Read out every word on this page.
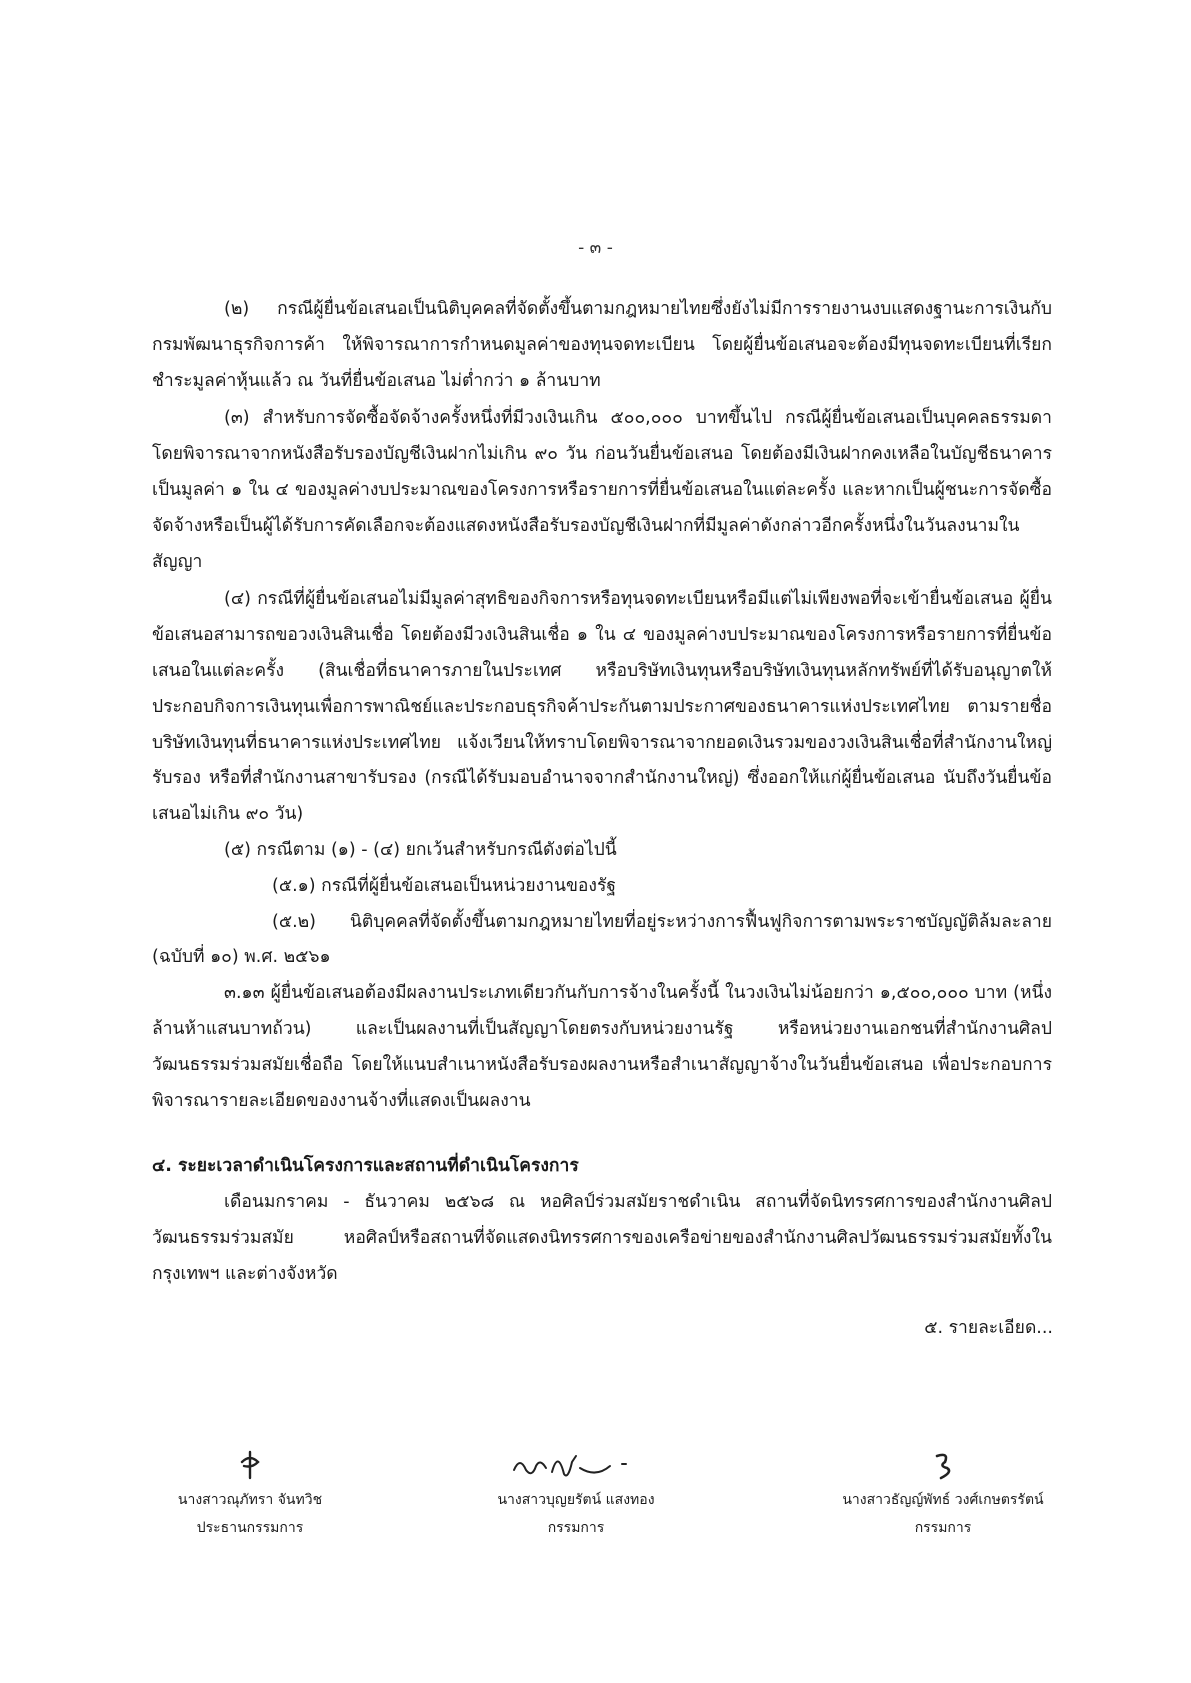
- ๓ -

(๒) กรณีผู้ยื่นข้อเสนอเป็นนิติบุคคลที่จัดตั้งขึ้นตามกฎหมายไทยซึ่งยังไม่มีการรายงานงบแสดงฐานะการเงินกับกรมพัฒนาธุรกิจการค้า ให้พิจารณาการกำหนดมูลค่าของทุนจดทะเบียน โดยผู้ยื่นข้อเสนอจะต้องมีทุนจดทะเบียนที่เรียกชำระมูลค่าหุ้นแล้ว ณ วันที่ยื่นข้อเสนอ ไม่ต่ำกว่า ๑ ล้านบาท

(๓) สำหรับการจัดซื้อจัดจ้างครั้งหนึ่งที่มีวงเงินเกิน ๕๐๐,๐๐๐ บาทขึ้นไป กรณีผู้ยื่นข้อเสนอเป็นบุคคลธรรมดา โดยพิจารณาจากหนังสือรับรองบัญชีเงินฝากไม่เกิน ๙๐ วัน ก่อนวันยื่นข้อเสนอ โดยต้องมีเงินฝากคงเหลือในบัญชีธนาคารเป็นมูลค่า ๑ ใน ๔ ของมูลค่างบประมาณของโครงการหรือรายการที่ยื่นข้อเสนอในแต่ละครั้ง และหากเป็นผู้ชนะการจัดซื้อจัดจ้างหรือเป็นผู้ได้รับการคัดเลือกจะต้องแสดงหนังสือรับรองบัญชีเงินฝากที่มีมูลค่าดังกล่าวอีกครั้งหนึ่งในวันลงนามในสัญญา

(๔) กรณีที่ผู้ยื่นข้อเสนอไม่มีมูลค่าสุทธิของกิจการหรือทุนจดทะเบียนหรือมีแต่ไม่เพียงพอที่จะเข้ายื่นข้อเสนอ ผู้ยื่นข้อเสนอสามารถขอวงเงินสินเชื่อ โดยต้องมีวงเงินสินเชื่อ ๑ ใน ๔ ของมูลค่างบประมาณของโครงการหรือรายการที่ยื่นข้อเสนอในแต่ละครั้ง (สินเชื่อที่ธนาคารภายในประเทศ หรือบริษัทเงินทุนหรือบริษัทเงินทุนหลักทรัพย์ที่ได้รับอนุญาตให้ประกอบกิจการเงินทุนเพื่อการพาณิชย์และประกอบธุรกิจค้าประกันตามประกาศของธนาคารแห่งประเทศไทย ตามรายชื่อบริษัทเงินทุนที่ธนาคารแห่งประเทศไทย แจ้งเวียนให้ทราบโดยพิจารณาจากยอดเงินรวมของวงเงินสินเชื่อที่สำนักงานใหญ่รับรอง หรือที่สำนักงานสาขารับรอง (กรณีได้รับมอบอำนาจจากสำนักงานใหญ่) ซึ่งออกให้แก่ผู้ยื่นข้อเสนอ นับถึงวันยื่นข้อเสนอไม่เกิน ๙๐ วัน)

(๕) กรณีตาม (๑) - (๔) ยกเว้นสำหรับกรณีดังต่อไปนี้

(๕.๑) กรณีที่ผู้ยื่นข้อเสนอเป็นหน่วยงานของรัฐ

(๕.๒) นิติบุคคลที่จัดตั้งขึ้นตามกฎหมายไทยที่อยู่ระหว่างการฟื้นฟูกิจการตามพระราชบัญญัติล้มละลาย (ฉบับที่ ๑๐) พ.ศ. ๒๕๖๑

๓.๑๓ ผู้ยื่นข้อเสนอต้องมีผลงานประเภทเดียวกันกับการจ้างในครั้งนี้ ในวงเงินไม่น้อยกว่า ๑,๕๐๐,๐๐๐ บาท (หนึ่งล้านห้าแสนบาทถ้วน) และเป็นผลงานที่เป็นสัญญาโดยตรงกับหน่วยงานรัฐ หรือหน่วยงานเอกชนที่สำนักงานศิลปวัฒนธรรมร่วมสมัยเชื่อถือ โดยให้แนบสำเนาหนังสือรับรองผลงานหรือสำเนาสัญญาจ้างในวันยื่นข้อเสนอ เพื่อประกอบการพิจารณารายละเอียดของงานจ้างที่แสดงเป็นผลงาน

๔. ระยะเวลาดำเนินโครงการและสถานที่ดำเนินโครงการ

เดือนมกราคม - ธันวาคม ๒๕๖๘ ณ หอศิลป์ร่วมสมัยราชดำเนิน สถานที่จัดนิทรรศการของสำนักงานศิลปวัฒนธรรมร่วมสมัย หอศิลป์หรือสถานที่จัดแสดงนิทรรศการของเครือข่ายของสำนักงานศิลปวัฒนธรรมร่วมสมัยทั้งในกรุงเทพฯ และต่างจังหวัด

๕. รายละเอียด...
นางสาวณุภัทรา จันทวิช
ประธานกรรมการ
นางสาวบุญยรัตน์ แสงทอง
กรรมการ
นางสาวธัญญ์พัทธ์ วงศ์เกษตรรัตน์
กรรมการ
